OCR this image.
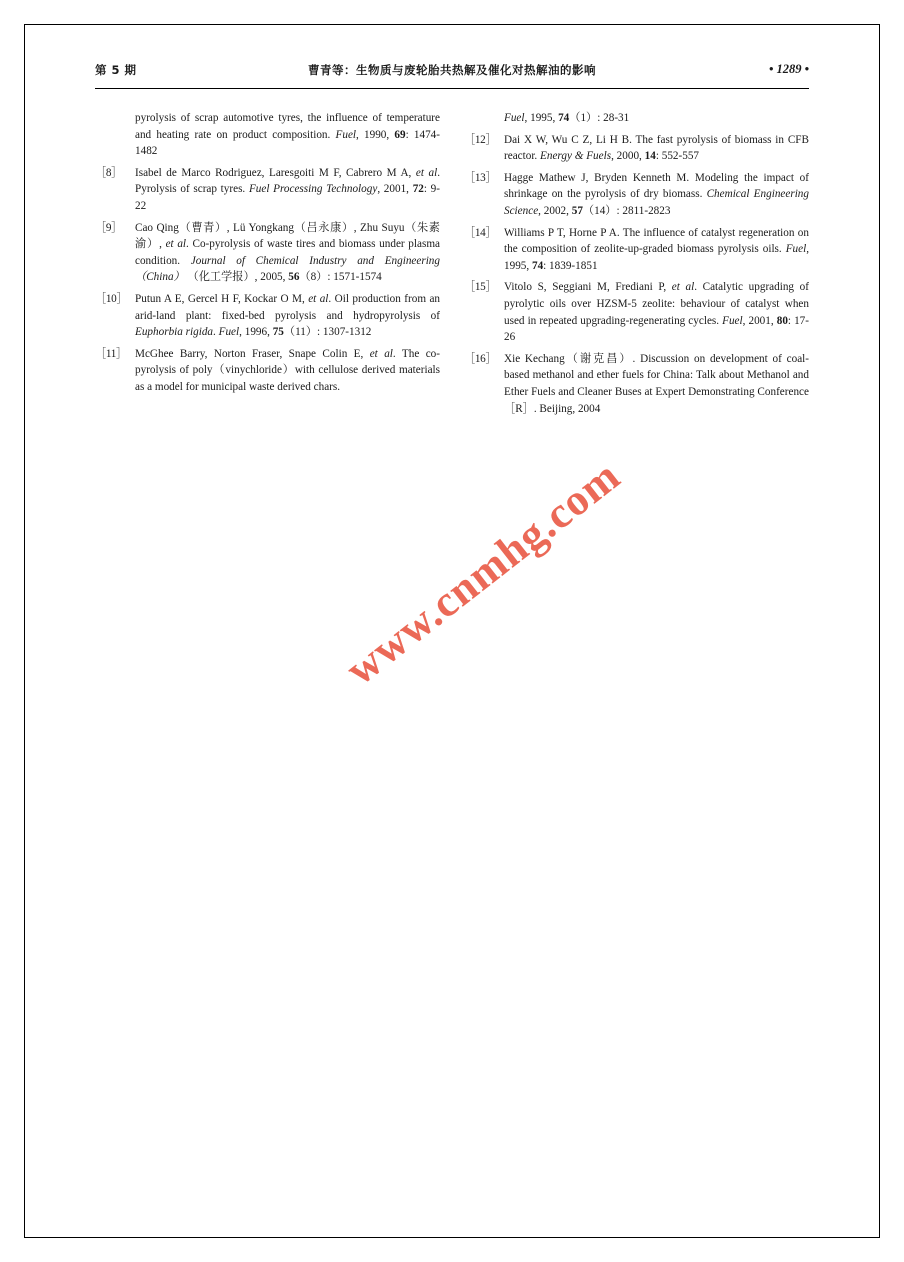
第 5 期	曹青等：生物质与废轮胎共热解及催化对热解油的影响	• 1289 •
pyrolysis of scrap automotive tyres, the influence of temperature and heating rate on product composition. Fuel, 1990, 69: 1474-1482
［8］	Isabel de Marco Rodriguez, Laresgoiti M F, Cabrero M A, et al. Pyrolysis of scrap tyres. Fuel Processing Technology, 2001, 72: 9-22
［9］	Cao Qing（曹青）, Lü Yongkang（吕永康）, Zhu Suyu（朱素渝）, et al. Co-pyrolysis of waste tires and biomass under plasma condition. Journal of Chemical Industry and Engineering（China） （化工学报）, 2005, 56（8）: 1571-1574
［10］ Putun A E, Gercel H F, Kockar O M, et al. Oil production from an arid-land plant: fixed-bed pyrolysis and hydropyrolysis of Euphorbia rigida. Fuel, 1996, 75（11）: 1307-1312
［11］ McGhee Barry, Norton Fraser, Snape Colin E, et al. The co-pyrolysis of poly（vinychloride）with cellulose derived materials as a model for municipal waste derived chars.
Fuel, 1995, 74（1）: 28-31
［12］ Dai X W, Wu C Z, Li H B. The fast pyrolysis of biomass in CFB reactor. Energy & Fuels, 2000, 14: 552-557
［13］ Hagge Mathew J, Bryden Kenneth M. Modeling the impact of shrinkage on the pyrolysis of dry biomass. Chemical Engineering Science, 2002, 57（14）: 2811-2823
［14］ Williams P T, Horne P A. The influence of catalyst regeneration on the composition of zeolite-up-graded biomass pyrolysis oils. Fuel, 1995, 74: 1839-1851
［15］ Vitolo S, Seggiani M, Frediani P, et al. Catalytic upgrading of pyrolytic oils over HZSM-5 zeolite: behaviour of catalyst when used in repeated upgrading-regenerating cycles. Fuel, 2001, 80: 17-26
［16］ Xie Kechang（谢克昌）. Discussion on development of coal-based methanol and ether fuels for China: Talk about Methanol and Ether Fuels and Cleaner Buses at Expert Demonstrating Conference［R］. Beijing, 2004
www.cnmhg.com
